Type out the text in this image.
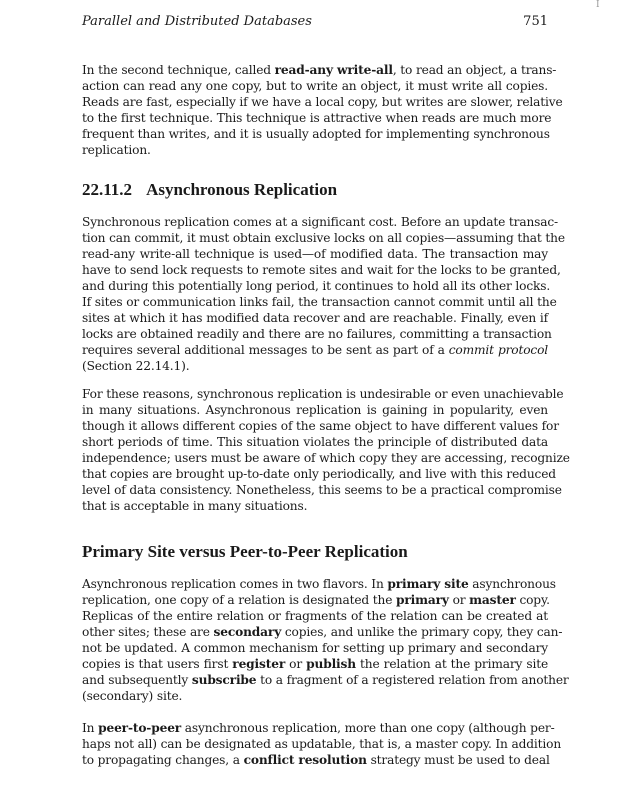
Parallel and Distributed Databases	751
I
In the second technique, called read-any write-all, to read an object, a trans-
action can read any one copy, but to write an object, it must write all copies.
Reads are fast, especially if we have a local copy, but writes are slower, relative
to the first technique. This technique is attractive when reads are much more
frequent than writes, and it is usually adopted for implementing synchronous
replication.
22.11.2 Asynchronous Replication
Synchronous replication comes at a significant cost. Before an update transac-
tion can commit, it must obtain exclusive locks on all copies—assuming that the
read-any write-all technique is used—of modified data. The transaction may
have to send lock requests to remote sites and wait for the locks to be granted,
and during this potentially long period, it continues to hold all its other locks.
If sites or communication links fail, the transaction cannot commit until all the
sites at which it has modified data recover and are reachable. Finally, even if
locks are obtained readily and there are no failures, committing a transaction
requires several additional messages to be sent as part of a commit protocol
(Section 22.14.1).
For these reasons, synchronous replication is undesirable or even unachievable
in many situations. Asynchronous replication is gaining in popularity, even
though it allows different copies of the same object to have different values for
short periods of time. This situation violates the principle of distributed data
independence; users must be aware of which copy they are accessing, recognize
that copies are brought up-to-date only periodically, and live with this reduced
level of data consistency. Nonetheless, this seems to be a practical compromise
that is acceptable in many situations.
Primary Site versus Peer-to-Peer Replication
Asynchronous replication comes in two flavors. In primary site asynchronous
replication, one copy of a relation is designated the primary or master copy.
Replicas of the entire relation or fragments of the relation can be created at
other sites; these are secondary copies, and unlike the primary copy, they can-
not be updated. A common mechanism for setting up primary and secondary
copies is that users first register or publish the relation at the primary site
and subsequently subscribe to a fragment of a registered relation from another
(secondary) site.
In peer-to-peer asynchronous replication, more than one copy (although per-
haps not all) can be designated as updatable, that is, a master copy. In addition
to propagating changes, a conflict resolution strategy must be used to deal
